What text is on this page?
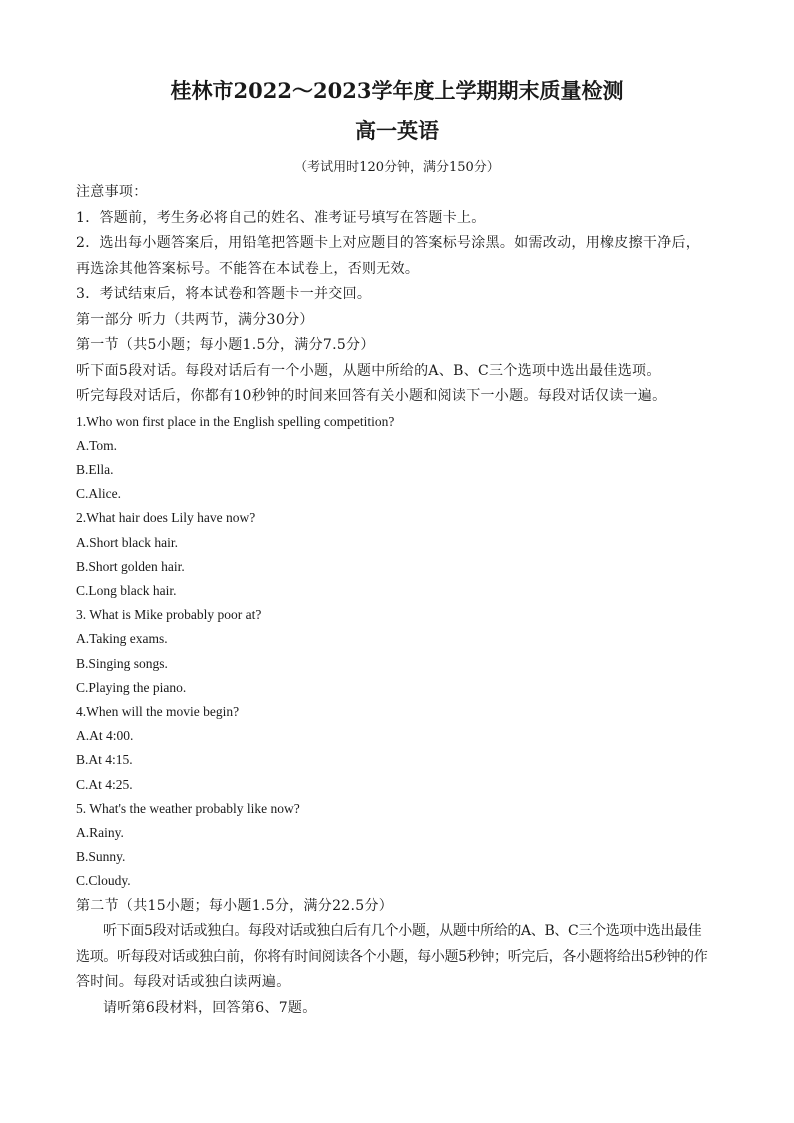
桂林市2022～2023学年度上学期期末质量检测
高一英语
（考试用时120分钟，满分150分）
注意事项：
1．答题前，考生务必将自己的姓名、准考证号填写在答题卡上。
2．选出每小题答案后，用铅笔把答题卡上对应题目的答案标号涂黑。如需改动，用橡皮擦干净后，
再选涂其他答案标号。不能答在本试卷上，否则无效。
3．考试结束后，将本试卷和答题卡一并交回。
第一部分 听力（共两节，满分30分）
第一节（共5小题；每小题1.5分，满分7.5分）
听下面5段对话。每段对话后有一个小题，从题中所给的A、B、C三个选项中选出最佳选项。
听完每段对话后，你都有10秒钟的时间来回答有关小题和阅读下一小题。每段对话仅读一遍。
1.Who won first place in the English spelling competition?
A.Tom.
B.Ella.
C.Alice.
2.What hair does Lily have now?
A.Short black hair.
B.Short golden hair.
C.Long black hair.
3. What is Mike probably poor at?
A.Taking exams.
B.Singing songs.
C.Playing the piano.
4.When will the movie begin?
A.At 4:00.
B.At 4:15.
C.At 4:25.
5. What's the weather probably like now?
A.Rainy.
B.Sunny.
C.Cloudy.
第二节（共15小题；每小题1.5分，满分22.5分）
听下面5段对话或独白。每段对话或独白后有几个小题，从题中所给的A、B、C三个选项中选出最佳
选项。听每段对话或独白前，你将有时间阅读各个小题，每小题5秒钟；听完后，各小题将给出5秒钟的作
答时间。每段对话或独白读两遍。
请听第6段材料，回答第6、7题。
